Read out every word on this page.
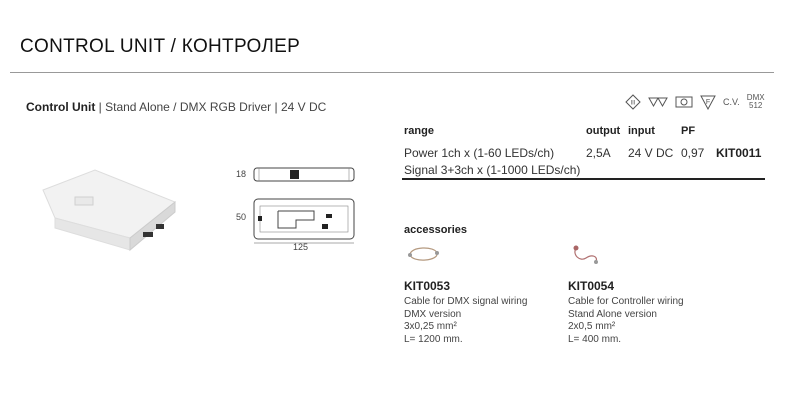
CONTROL UNIT / КОНТРОЛЕР
Control Unit | Stand Alone / DMX RGB Driver | 24 V DC	III	F C.V. DMX 512
18
50
125
range	output input PF
Power 1ch x (1-60 LEDs/ch)	2,5A 24 V DC 0,97 KIT0011
Signal 3+3ch x (1-1000 LEDs/ch)
accessories
KIT0053
Cable for DMX signal wiring
DMX version
3x0,25 mm²
L= 1200 mm.
KIT0054
Cable for Controller wiring
Stand Alone version
2x0,5 mm²
L= 400 mm.
